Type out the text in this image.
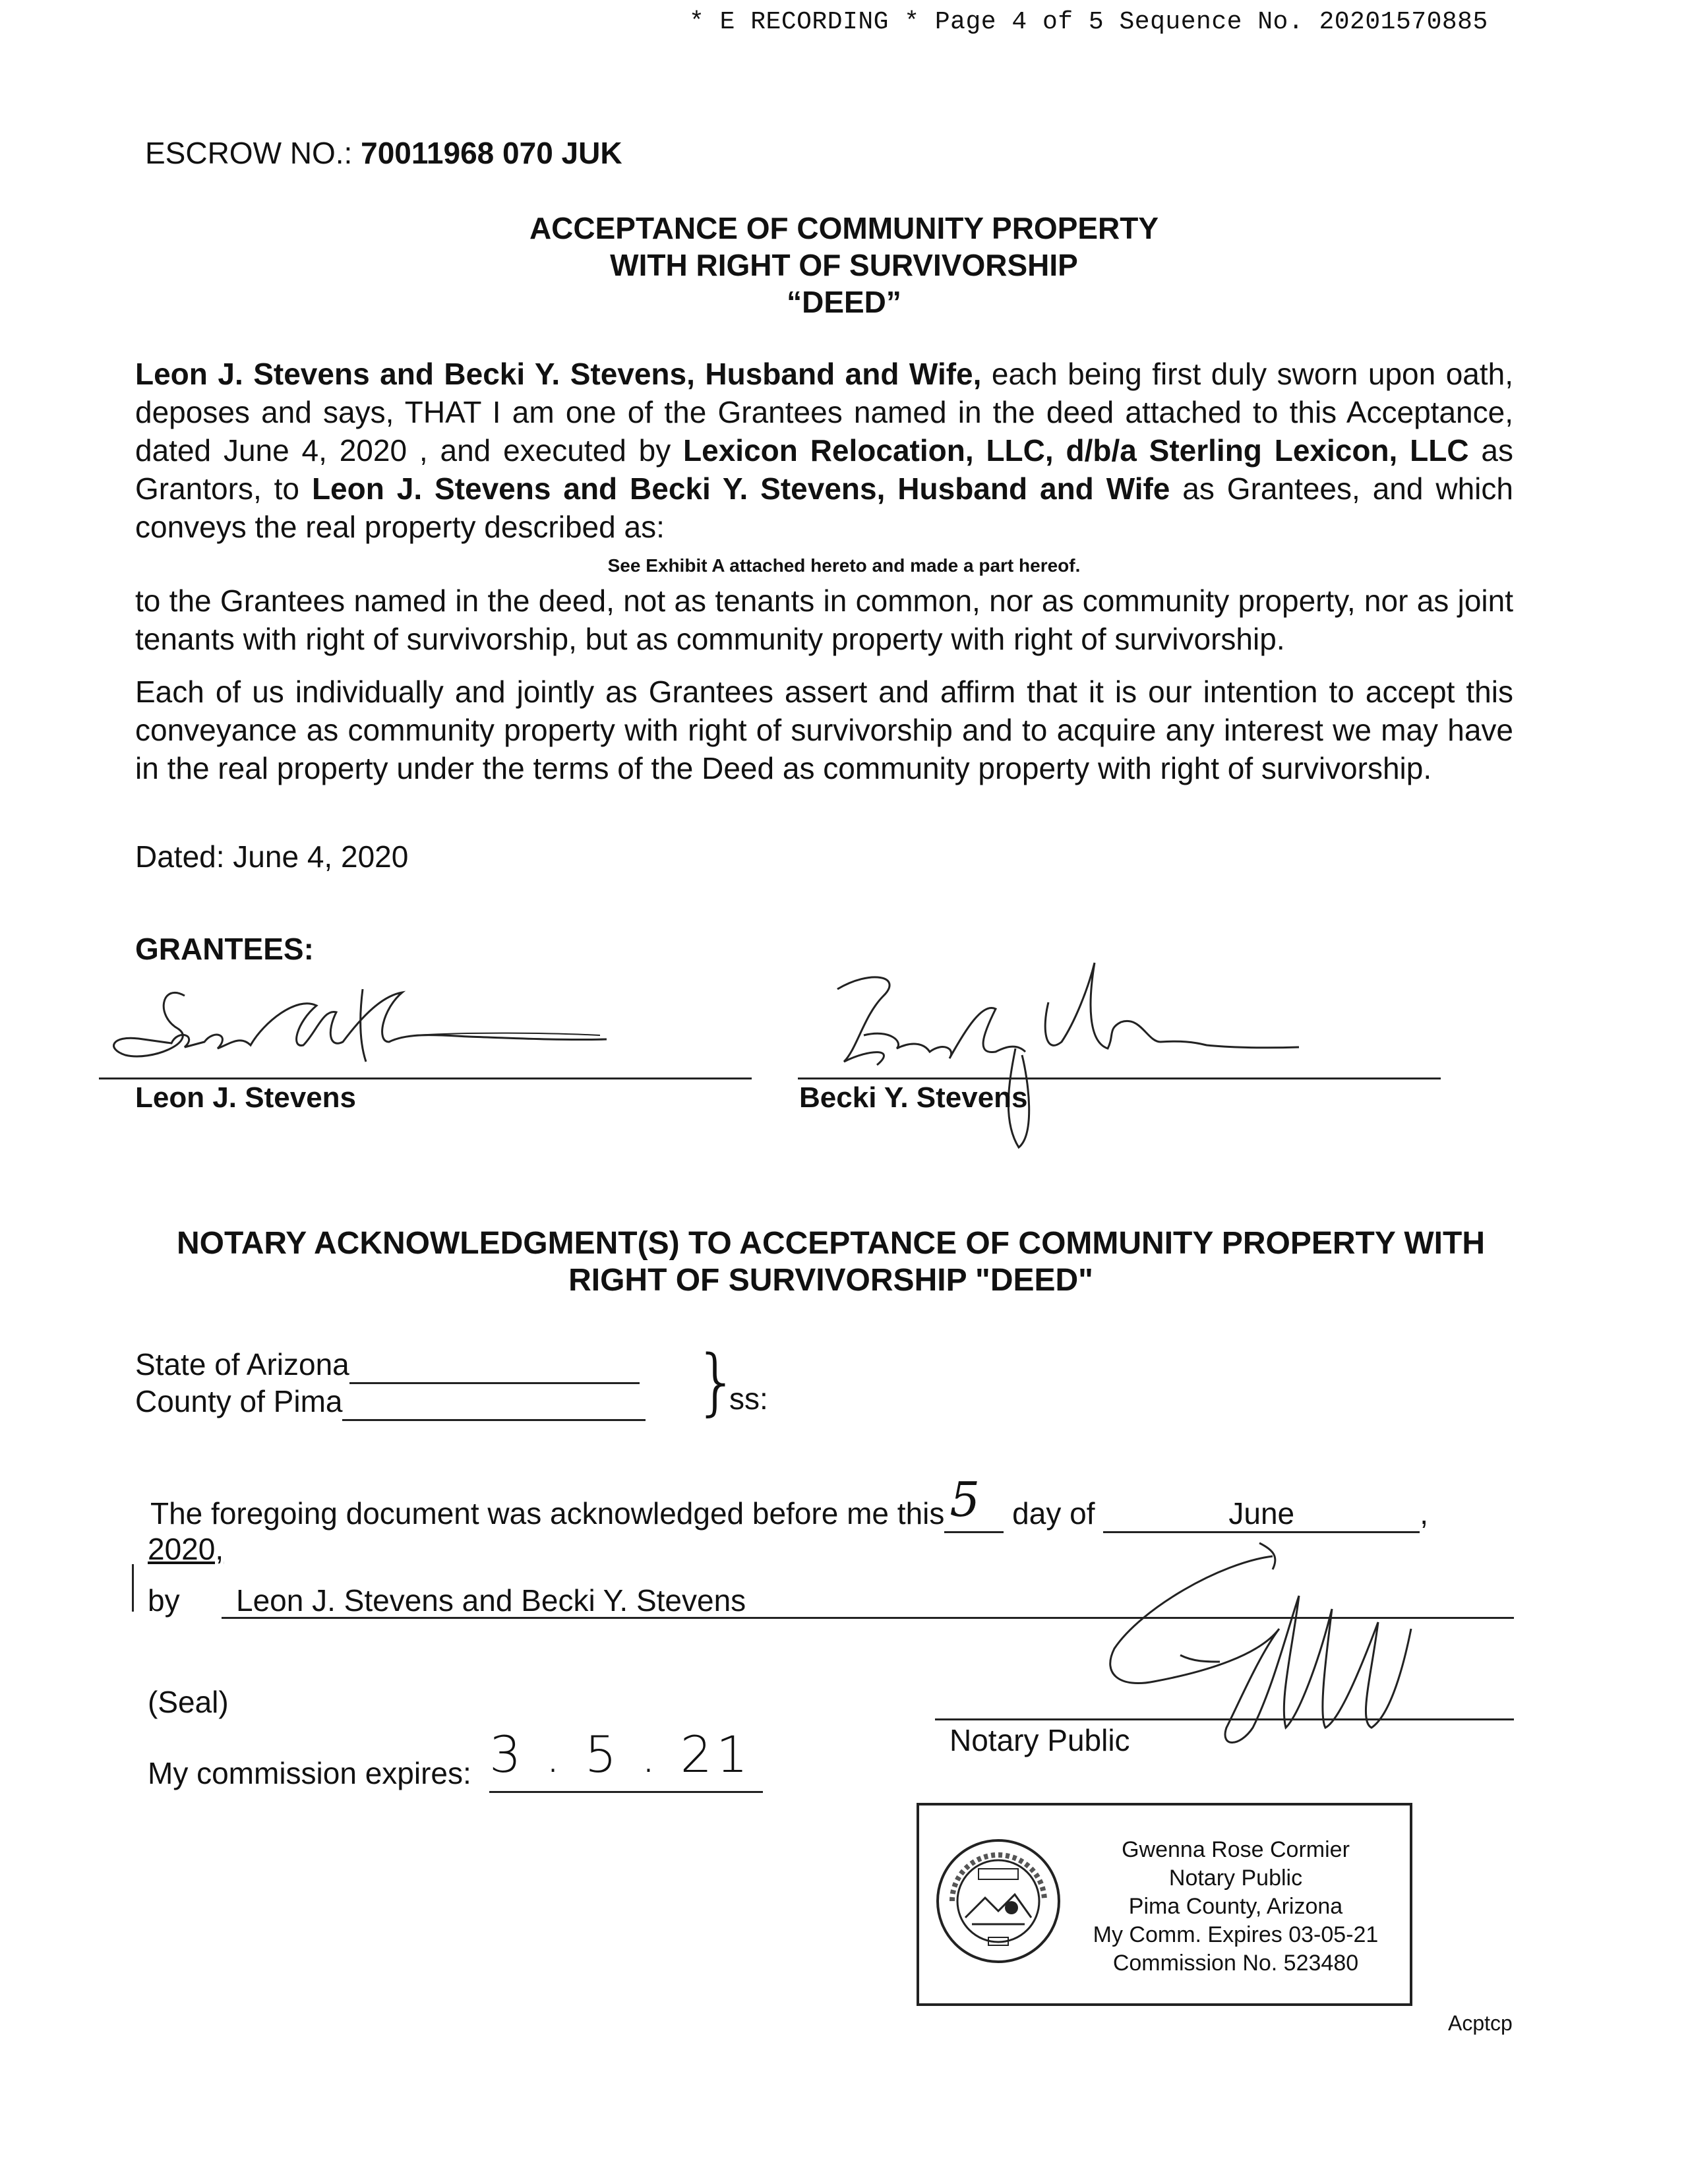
* E RECORDING * Page 4 of 5 Sequence No. 20201570885
ESCROW NO.: 70011968 070 JUK
ACCEPTANCE OF COMMUNITY PROPERTY
WITH RIGHT OF SURVIVORSHIP
“DEED”
Leon J. Stevens and Becki Y. Stevens, Husband and Wife, each being first duly sworn upon oath, deposes and says, THAT I am one of the Grantees named in the deed attached to this Acceptance, dated June 4, 2020 , and executed by Lexicon Relocation, LLC, d/b/a Sterling Lexicon, LLC as Grantors, to Leon J. Stevens and Becki Y. Stevens, Husband and Wife as Grantees, and which conveys the real property described as:
See Exhibit A attached hereto and made a part hereof.
to the Grantees named in the deed, not as tenants in common, nor as community property, nor as joint tenants with right of survivorship, but as community property with right of survivorship.
Each of us individually and jointly as Grantees assert and affirm that it is our intention to accept this conveyance as community property with right of survivorship and to acquire any interest we may have in the real property under the terms of the Deed as community property with right of survivorship.
Dated: June 4, 2020
GRANTEES:
Leon J. Stevens	Becki Y. Stevens
NOTARY ACKNOWLEDGMENT(S) TO ACCEPTANCE OF COMMUNITY PROPERTY WITH
RIGHT OF SURVIVORSHIP "DEED"
State of Arizona
County of Pima	}
ss:
The foregoing document was acknowledged before me this 5 day of	June	,
2020,
by Leon J. Stevens and Becki Y. Stevens
(Seal)
My commission expires: 3 . 5 . 21	Notary Public
Gwenna Rose Cormier
Notary Public
Pima County, Arizona
My Comm. Expires 03-05-21
Commission No. 523480
Acptcp
